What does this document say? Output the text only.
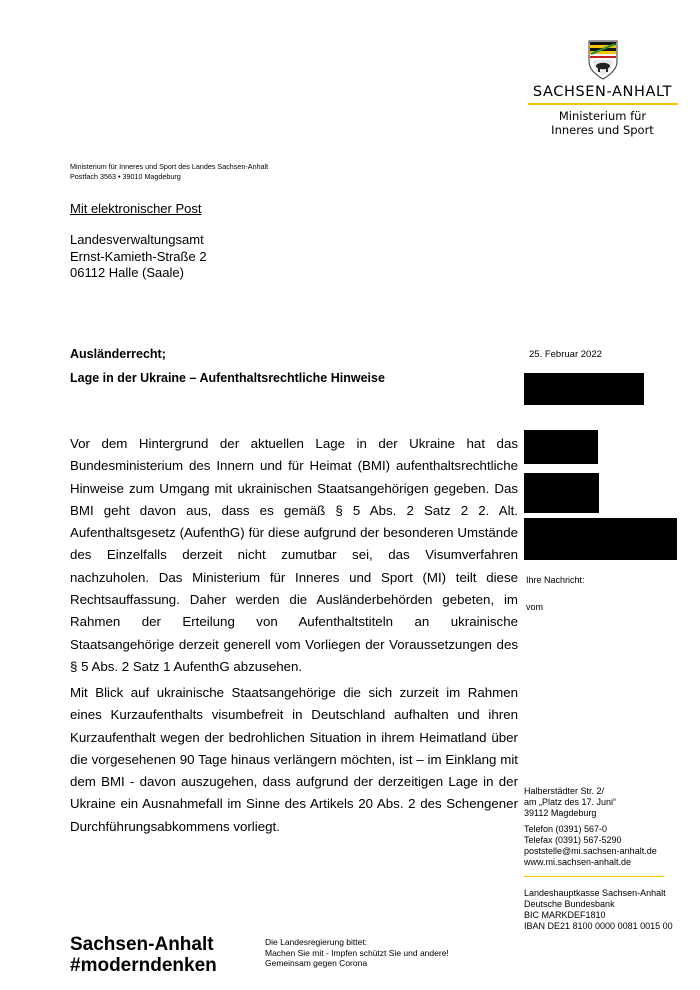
SACHSEN-ANHALT
Ministerium für
Inneres und Sport
Ministerium für Inneres und Sport des Landes Sachsen-Anhalt
Postfach 3563 • 39010 Magdeburg
Mit elektronischer Post
Landesverwaltungsamt
Ernst-Kamieth-Straße 2
06112 Halle (Saale)
Ausländerrecht;
Lage in der Ukraine – Aufenthaltsrechtliche Hinweise
25. Februar 2022
Vor dem Hintergrund der aktuellen Lage in der Ukraine hat das Bundesministerium des Innern und für Heimat (BMI) aufenthaltsrechtliche Hinweise zum Umgang mit ukrainischen Staatsangehörigen gegeben. Das BMI geht davon aus, dass es gemäß § 5 Abs. 2 Satz 2 2. Alt. Aufenthaltsgesetz (AufenthG) für diese aufgrund der besonderen Umstände des Einzelfalls derzeit nicht zumutbar sei, das Visumverfahren nachzuholen. Das Ministerium für Inneres und Sport (MI) teilt diese Rechtsauffassung. Daher werden die Ausländerbehörden gebeten, im Rahmen der Erteilung von Aufenthaltstiteln an ukrainische Staatsangehörige derzeit generell vom Vorliegen der Voraussetzungen des § 5 Abs. 2 Satz 1 AufenthG abzusehen.
Mit Blick auf ukrainische Staatsangehörige die sich zurzeit im Rahmen eines Kurzaufenthalts visumbefreit in Deutschland aufhalten und ihren Kurzaufenthalt wegen der bedrohlichen Situation in ihrem Heimatland über die vorgesehenen 90 Tage hinaus verlängern möchten, ist – im Einklang mit dem BMI - davon auszugehen, dass aufgrund der derzeitigen Lage in der Ukraine ein Ausnahmefall im Sinne des Artikels 20 Abs. 2 des Schengener Durchführungsabkommens vorliegt.
Ihre Nachricht:
vom
Halberstädter Str. 2/
am „Platz des 17. Juni“
39112 Magdeburg
Telefon (0391) 567-0
Telefax (0391) 567-5290
poststelle@mi.sachsen-anhalt.de
www.mi.sachsen-anhalt.de
Landeshauptkasse Sachsen-Anhalt
Deutsche Bundesbank
BIC MARKDEF1810
IBAN DE21 8100 0000 0081 0015 00
Sachsen-Anhalt
#moderndenken
Die Landesregierung bittet:
Machen Sie mit - Impfen schützt Sie und andere!
Gemeinsam gegen Corona
